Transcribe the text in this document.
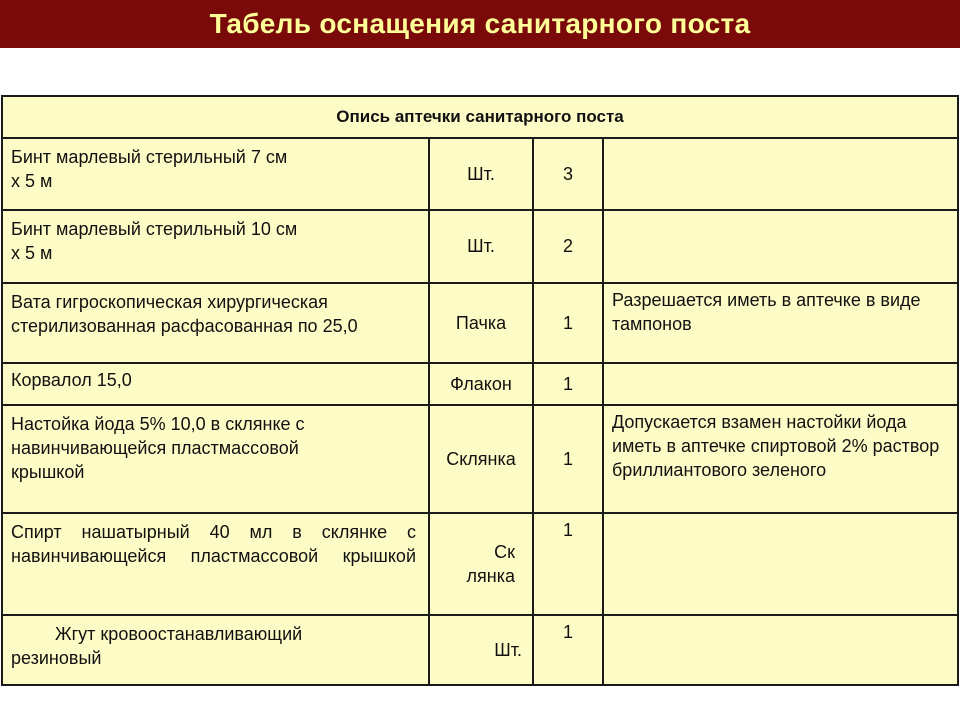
Табель оснащения санитарного поста
Опись аптечки санитарного поста			

Бинт марлевый стерильный 7 см х 5 м	Шт.	3	

Бинт марлевый стерильный 10 см х 5 м	Шт.	2	

Вата гигроскопическая хирургическая стерилизованная расфасованная по 25,0	Пачка	1	Разрешается иметь в аптечке в виде тампонов

Корвалол 15,0	Флакон	1	

Настойка йода 5% 10,0 в склянке с навинчивающейся пластмассовой крышкой	Склянка	1	Допускается взамен настойки йода иметь в аптечке спиртовой 2% раствор бриллиантового зеленого

Спирт нашатырный 40 мл в склянке с навинчивающейся пластмассовой крышкой	Ск лянка	1	

Жгут кровоостанавливающий резиновый	Шт.	1	
